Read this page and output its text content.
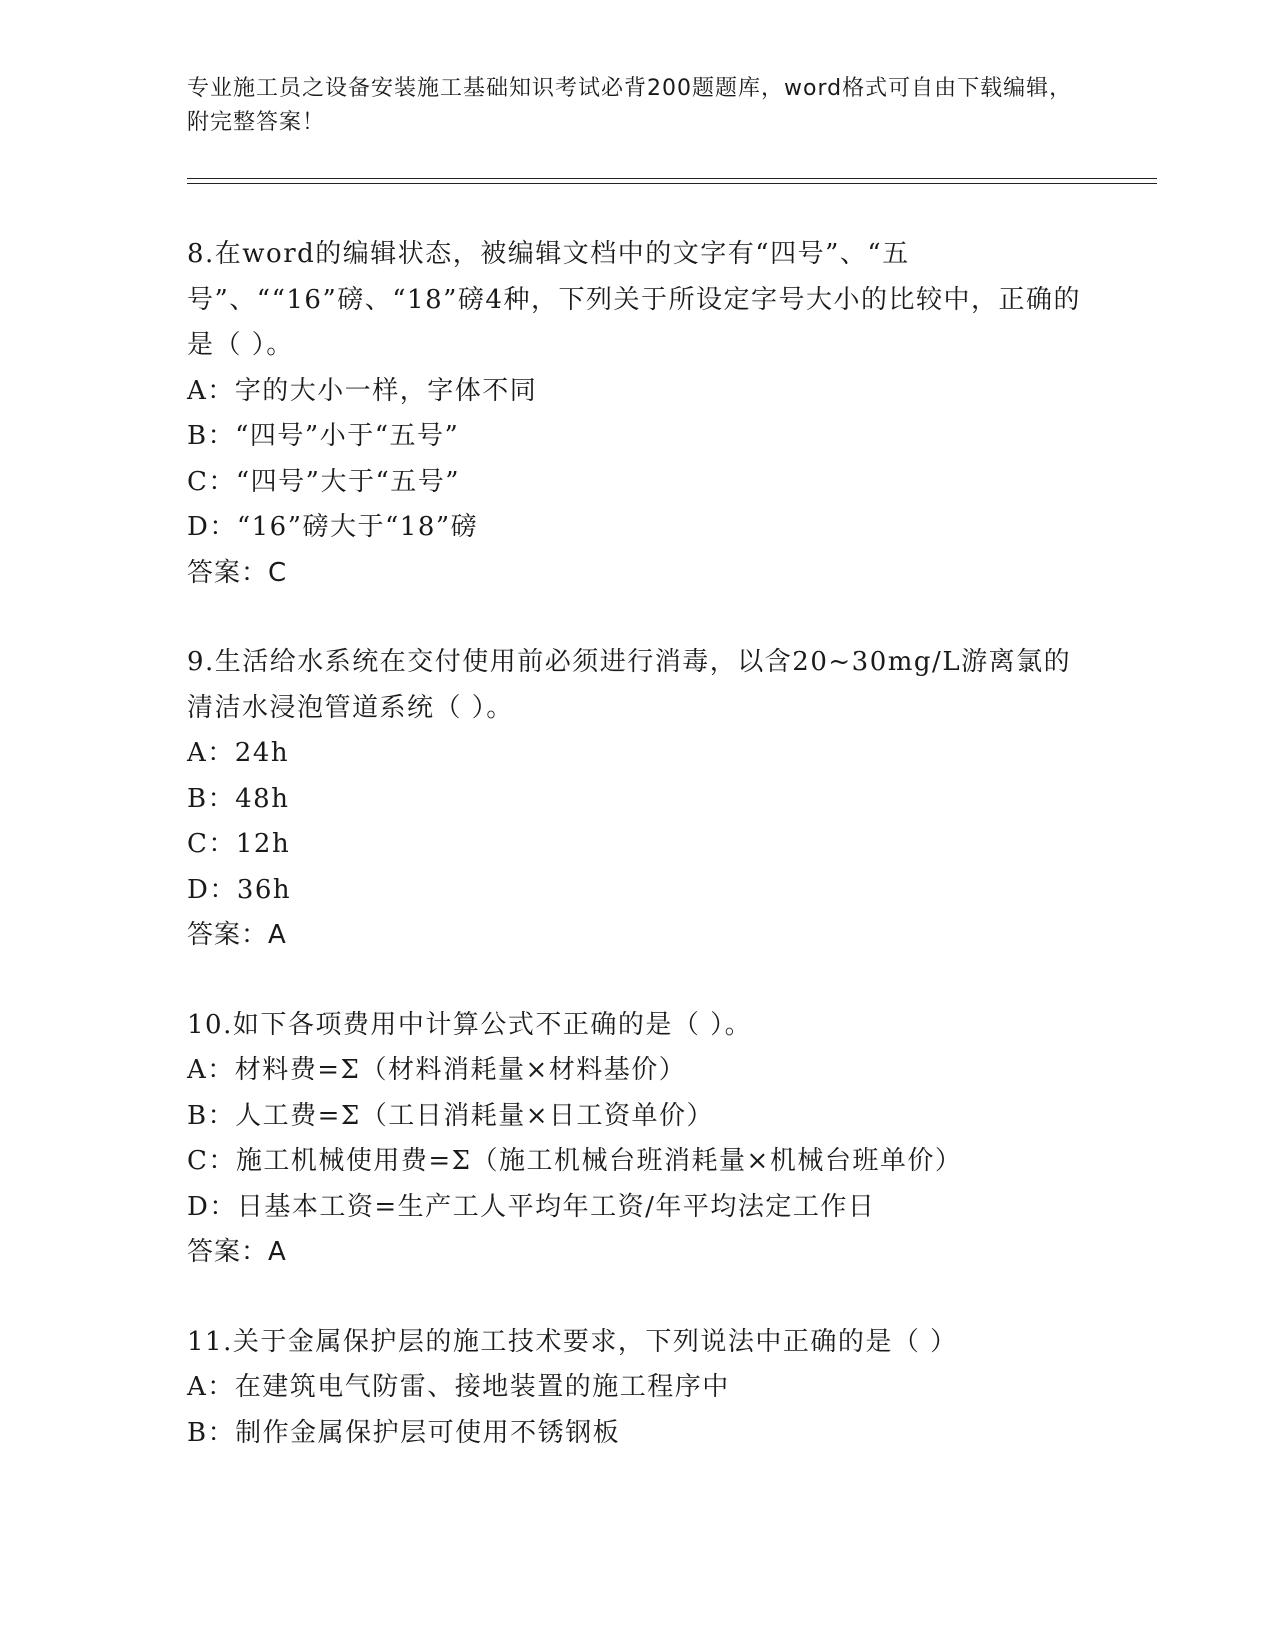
专业施工员之设备安装施工基础知识考试必背200题题库，word格式可自由下载编辑，附完整答案！

8.在word的编辑状态，被编辑文档中的文字有“四号”、“五号”、““16”磅、“18”磅4种，下列关于所设定字号大小的比较中，正确的是（ ）。

A：字的大小一样，字体不同

B：“四号”小于“五号”

C：“四号”大于“五号”

D：“16”磅大于“18”磅

答案：C

9.生活给水系统在交付使用前必须进行消毒，以含20~30mg/L游离氯的清洁水浸泡管道系统（ ）。

A：24h

B：48h

C：12h

D：36h

答案：A

10.如下各项费用中计算公式不正确的是（ ）。

A：材料费=Σ（材料消耗量×材料基价）

B：人工费=Σ（工日消耗量×日工资单价）

C：施工机械使用费=Σ（施工机械台班消耗量×机械台班单价）

D：日基本工资=生产工人平均年工资/年平均法定工作日

答案：A

11.关于金属保护层的施工技术要求，下列说法中正确的是（ ）

A：在建筑电气防雷、接地装置的施工程序中

B：制作金属保护层可使用不锈钢板
